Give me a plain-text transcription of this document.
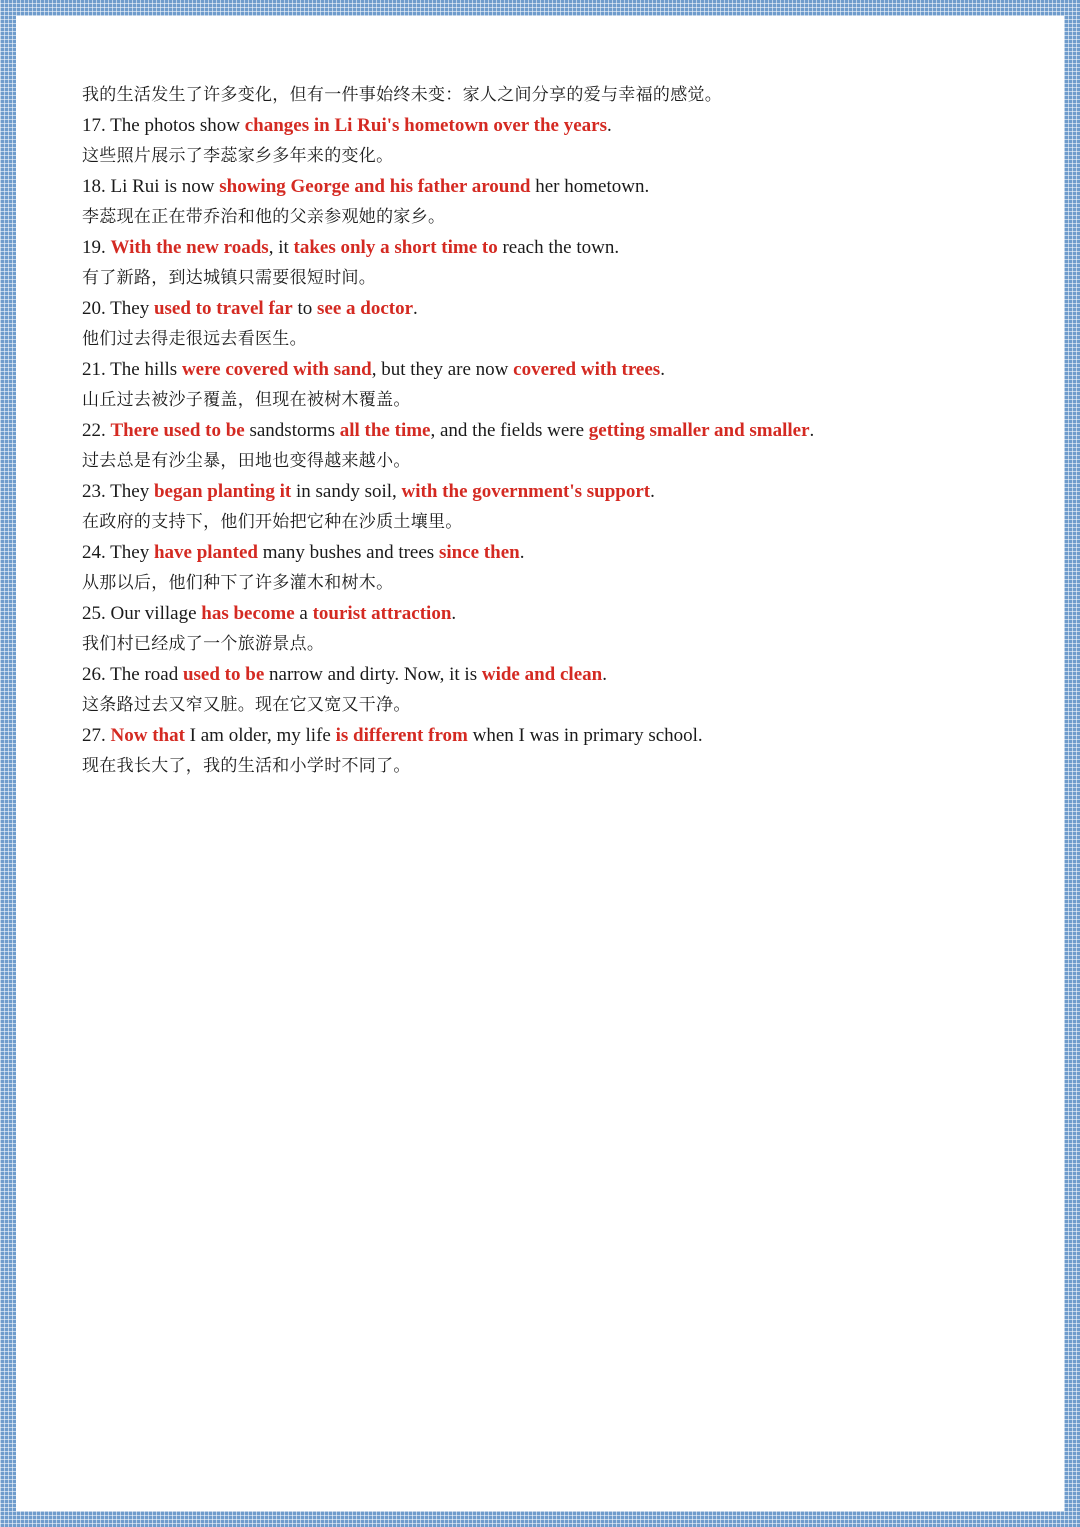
我的生活发生了许多变化，但有一件事始终未变：家人之间分享的爱与幸福的感觉。
17. The photos show changes in Li Rui's hometown over the years.
这些照片展示了李蕊家乡多年来的变化。
18. Li Rui is now showing George and his father around her hometown.
李蕊现在正在带乔治和他的父亲参观她的家乡。
19. With the new roads, it takes only a short time to reach the town.
有了新路，到达城镇只需要很短时间。
20. They used to travel far to see a doctor.
他们过去得走很远去看医生。
21. The hills were covered with sand, but they are now covered with trees.
山丘过去被沙子覆盖，但现在被树木覆盖。
22. There used to be sandstorms all the time, and the fields were getting smaller and smaller.
过去总是有沙尘暴，田地也变得越来越小。
23. They began planting it in sandy soil, with the government's support.
在政府的支持下，他们开始把它种在沙质土壤里。
24. They have planted many bushes and trees since then.
从那以后，他们种下了许多灌木和树木。
25. Our village has become a tourist attraction.
我们村已经成了一个旅游景点。
26. The road used to be narrow and dirty. Now, it is wide and clean.
这条路过去又窄又脏。现在它又宽又干净。
27. Now that I am older, my life is different from when I was in primary school.
现在我长大了，我的生活和小学时不同了。
